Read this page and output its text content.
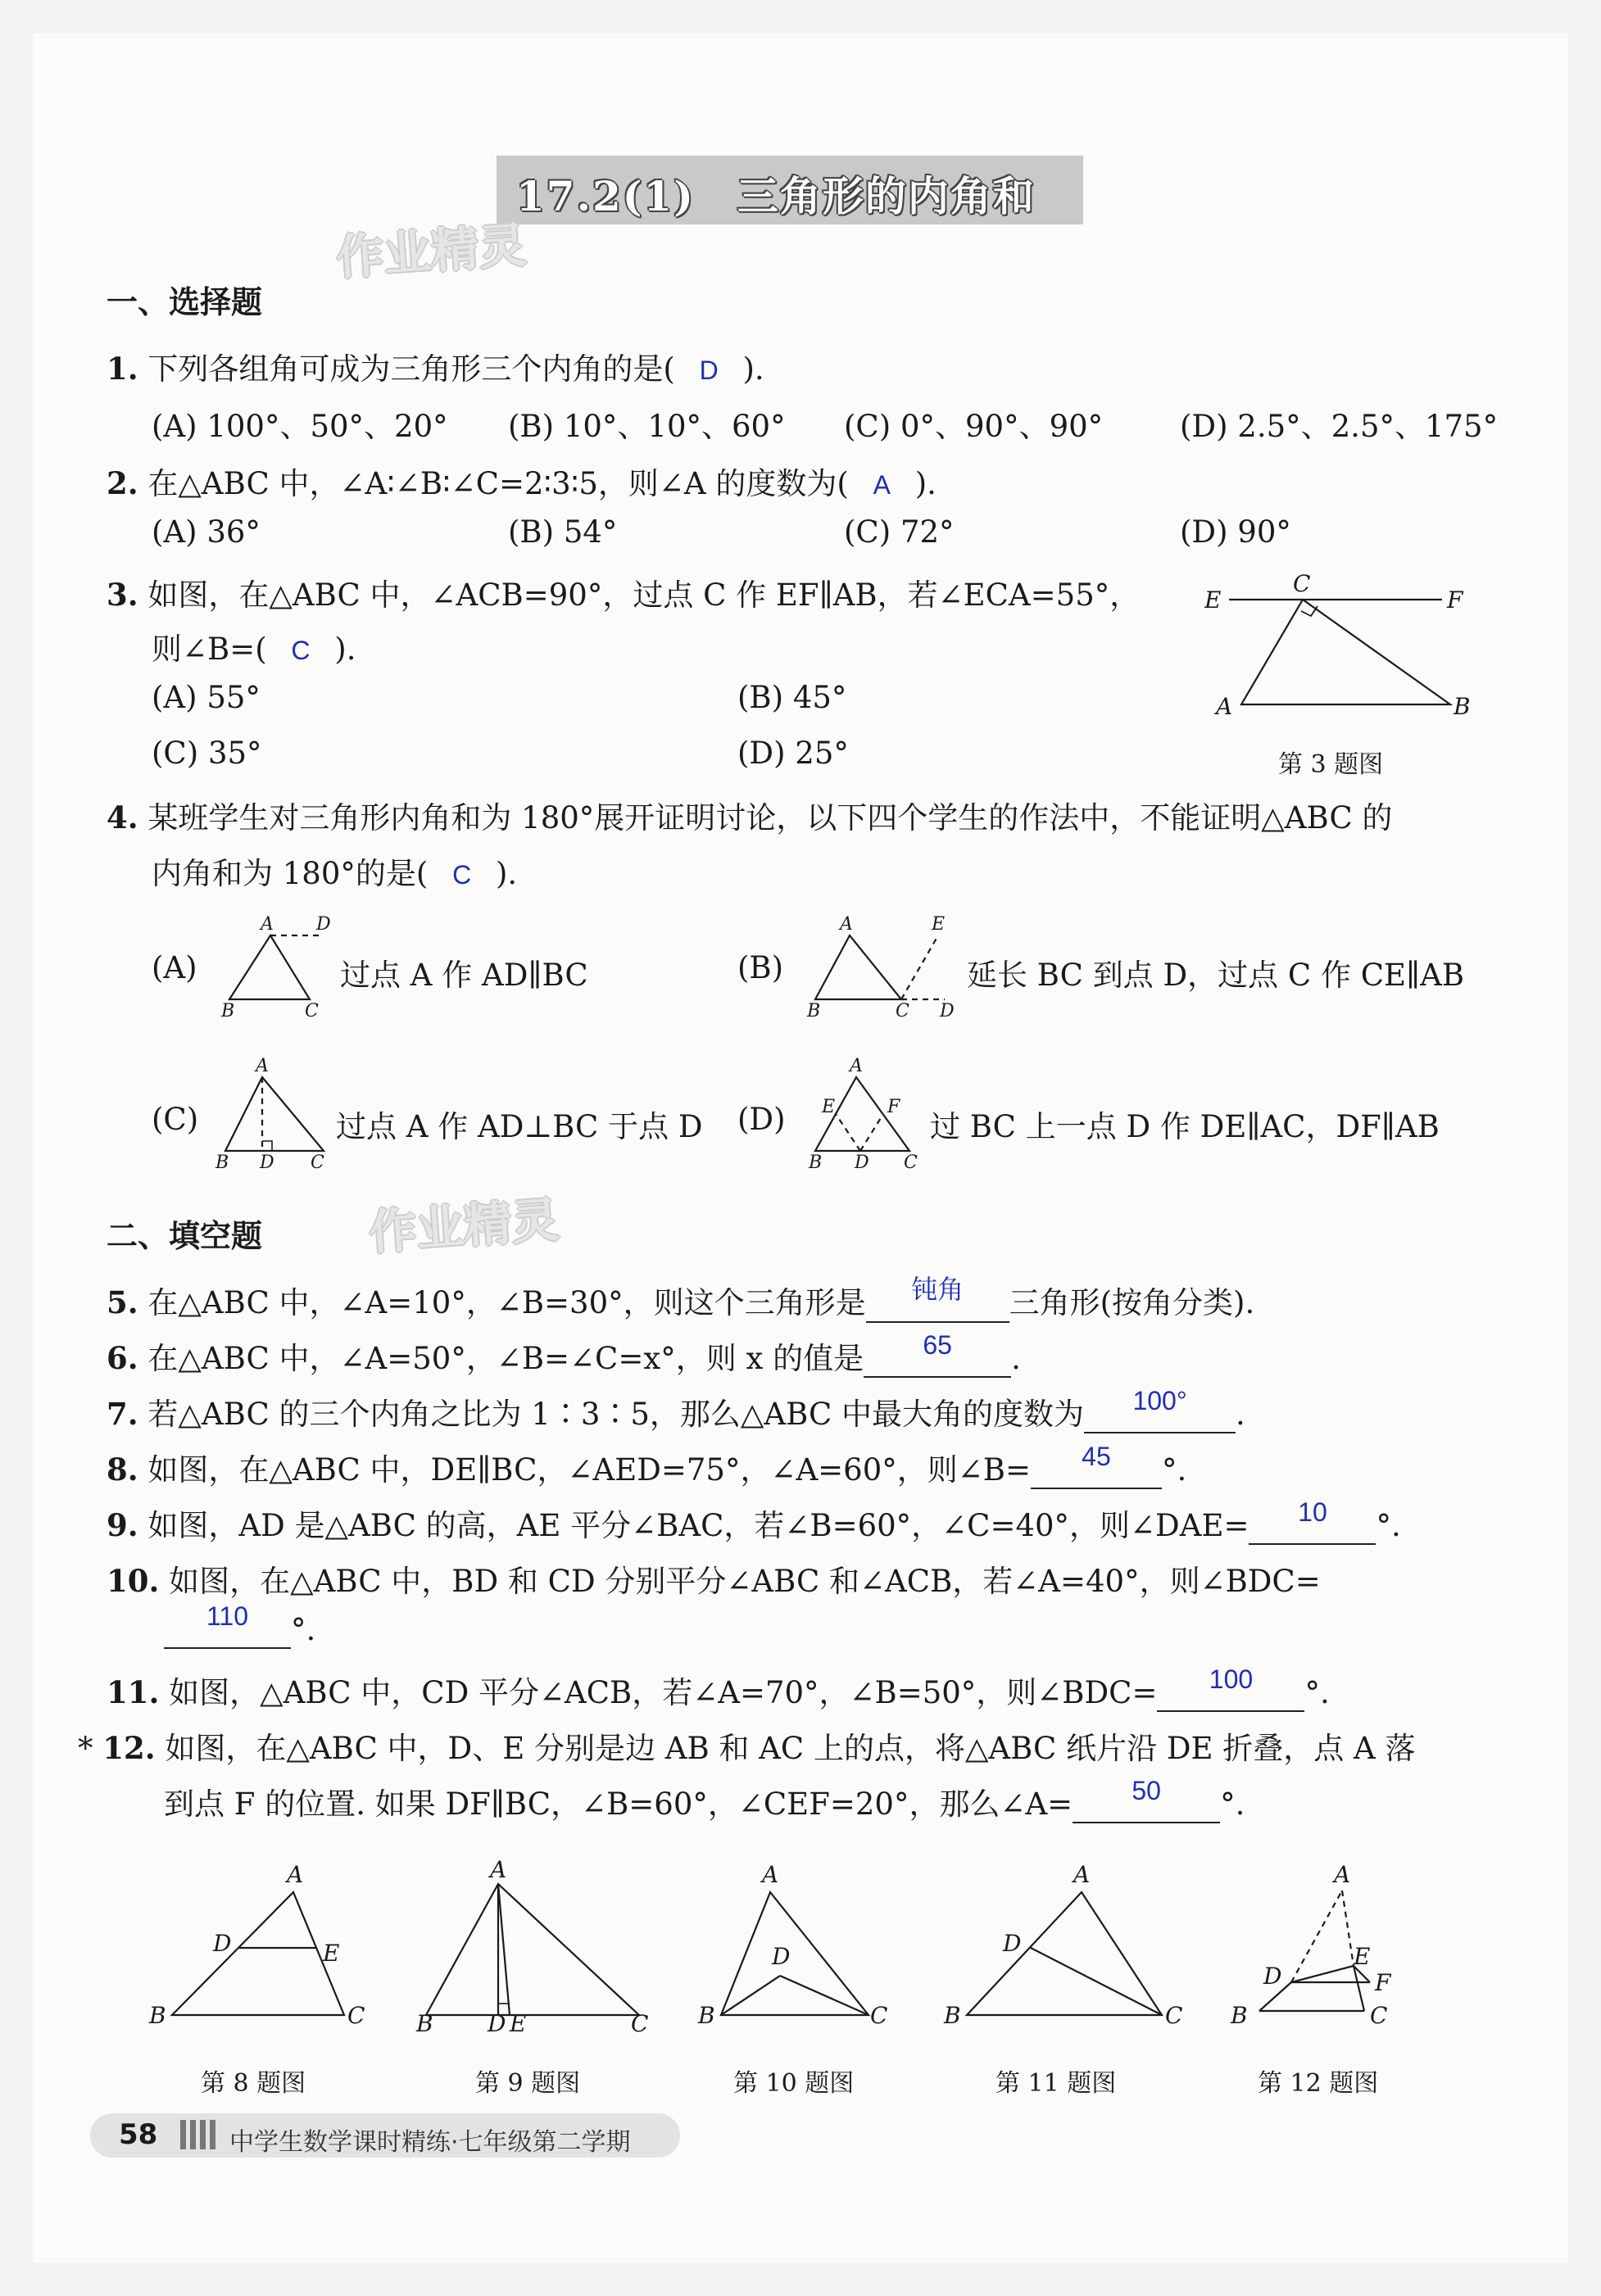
17.2(1)　三角形的内角和
作业精灵
作业精灵
一、选择题
1. 下列各组角可成为三角形三个内角的是( D ).
(A) 100°、50°、20° (B) 10°、10°、60° (C) 0°、90°、90°	(D) 2.5°、2.5°、175°
2. 在△ABC 中，∠A∶∠B∶∠C=2∶3∶5，则∠A 的度数为( A ).
(A) 36°	(B) 54°	(C) 72°	(D) 90°
3. 如图，在△ABC 中，∠ACB=90°，过点 C 作 EF∥AB，若∠ECA=55°，
则∠B=( C ).
(A) 55°	(B) 45°
(C) 35°	(D) 25°
E
C
F
A	B
第 3 题图
4. 某班学生对三角形内角和为 180°展开证明讨论，以下四个学生的作法中，不能证明△ABC 的
内角和为 180°的是( C ).
(A)
A D
B	C
过点 A 作 AD∥BC	(B)
A	E
B	C D
延长 BC 到点 D，过点 C 作 CE∥AB
(C)
A
B D C
过点 A 作 AD⊥BC 于点 D (D)
A
E	F
B D C
过 BC 上一点 D 作 DE∥AC，DF∥AB
二、填空题
5. 在△ABC 中，∠A=10°，∠B=30°，则这个三角形是 钝角 三角形(按角分类).
6. 在△ABC 中，∠A=50°，∠B=∠C=x°，则 x 的值是 65 .
7. 若△ABC 的三个内角之比为 1∶3∶5，那么△ABC 中最大角的度数为 100° .
8. 如图，在△ABC 中，DE∥BC，∠AED=75°，∠A=60°，则∠B= 45 °.
9. 如图，AD 是△ABC 的高，AE 平分∠BAC，若∠B=60°，∠C=40°，则∠DAE= 10 °.
10. 如图，在△ABC 中，BD 和 CD 分别平分∠ABC 和∠ACB，若∠A=40°，则∠BDC=
110 °.
11. 如图，△ABC 中，CD 平分∠ACB，若∠A=70°，∠B=50°，则∠BDC= 100 °.
* 12. 如图，在△ABC 中，D、E 分别是边 AB 和 AC 上的点，将△ABC 纸片沿 DE 折叠，点 A 落
到点 F 的位置. 如果 DF∥BC，∠B=60°，∠CEF=20°，那么∠A= 50 °.
A
D	E
B	C
第 8 题图
A
B D E	C
第 9 题图
A
D
B	C
第 10 题图
A
D
B	C
第 11 题图
A
E
D	F
B	C
第 12 题图
58	中学生数学课时精练·七年级第二学期
